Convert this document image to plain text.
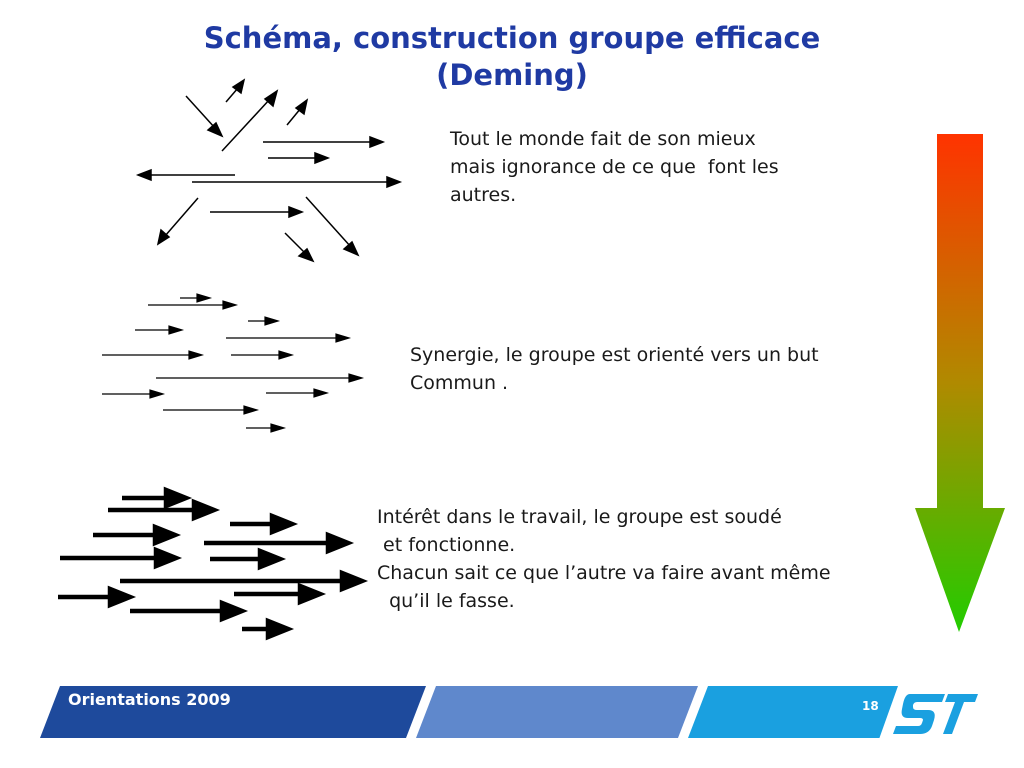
Schéma, construction groupe efficace
(Deming)
Tout le monde fait de son mieux
mais ignorance de ce que  font les
autres.
Synergie, le groupe est orienté vers un but
Commun .
Intérêt dans le travail, le groupe est soudé
et fonctionne.
Chacun sait ce que l’autre va faire avant même
qu’il le fasse.
Orientations 2009	18
